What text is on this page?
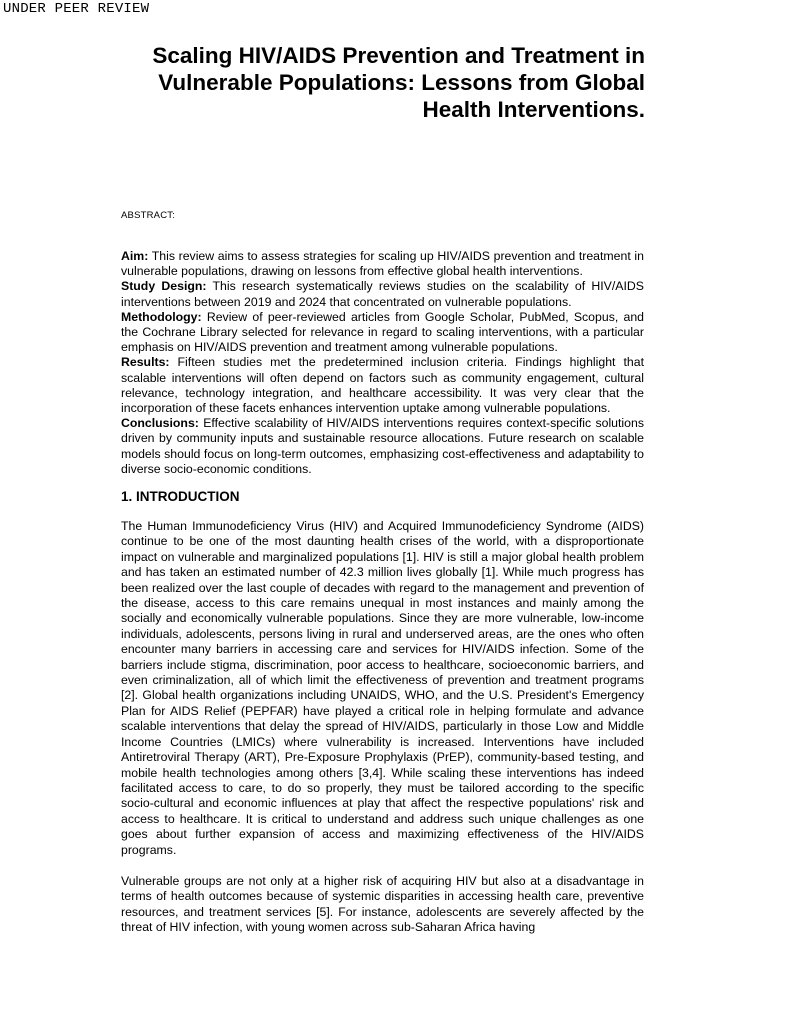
UNDER PEER REVIEW
Scaling HIV/AIDS Prevention and Treatment in Vulnerable Populations: Lessons from Global Health Interventions.
ABSTRACT:

Aim: This review aims to assess strategies for scaling up HIV/AIDS prevention and treatment in vulnerable populations, drawing on lessons from effective global health interventions.

Study Design: This research systematically reviews studies on the scalability of HIV/AIDS interventions between 2019 and 2024 that concentrated on vulnerable populations.

Methodology: Review of peer-reviewed articles from Google Scholar, PubMed, Scopus, and the Cochrane Library selected for relevance in regard to scaling interventions, with a particular emphasis on HIV/AIDS prevention and treatment among vulnerable populations.

Results: Fifteen studies met the predetermined inclusion criteria. Findings highlight that scalable interventions will often depend on factors such as community engagement, cultural relevance, technology integration, and healthcare accessibility. It was very clear that the incorporation of these facets enhances intervention uptake among vulnerable populations.

Conclusions: Effective scalability of HIV/AIDS interventions requires context-specific solutions driven by community inputs and sustainable resource allocations. Future research on scalable models should focus on long-term outcomes, emphasizing cost-effectiveness and adaptability to diverse socio-economic conditions.

1. INTRODUCTION

The Human Immunodeficiency Virus (HIV) and Acquired Immunodeficiency Syndrome (AIDS) continue to be one of the most daunting health crises of the world, with a disproportionate impact on vulnerable and marginalized populations [1]. HIV is still a major global health problem and has taken an estimated number of 42.3 million lives globally [1]. While much progress has been realized over the last couple of decades with regard to the management and prevention of the disease, access to this care remains unequal in most instances and mainly among the socially and economically vulnerable populations. Since they are more vulnerable, low-income individuals, adolescents, persons living in rural and underserved areas, are the ones who often encounter many barriers in accessing care and services for HIV/AIDS infection. Some of the barriers include stigma, discrimination, poor access to healthcare, socioeconomic barriers, and even criminalization, all of which limit the effectiveness of prevention and treatment programs [2]. Global health organizations including UNAIDS, WHO, and the U.S. President's Emergency Plan for AIDS Relief (PEPFAR) have played a critical role in helping formulate and advance scalable interventions that delay the spread of HIV/AIDS, particularly in those Low and Middle Income Countries (LMICs) where vulnerability is increased. Interventions have included Antiretroviral Therapy (ART), Pre-Exposure Prophylaxis (PrEP), community-based testing, and mobile health technologies among others [3,4]. While scaling these interventions has indeed facilitated access to care, to do so properly, they must be tailored according to the specific socio-cultural and economic influences at play that affect the respective populations' risk and access to healthcare. It is critical to understand and address such unique challenges as one goes about further expansion of access and maximizing effectiveness of the HIV/AIDS programs.

Vulnerable groups are not only at a higher risk of acquiring HIV but also at a disadvantage in terms of health outcomes because of systemic disparities in accessing health care, preventive resources, and treatment services [5]. For instance, adolescents are severely affected by the threat of HIV infection, with young women across sub-Saharan Africa having
